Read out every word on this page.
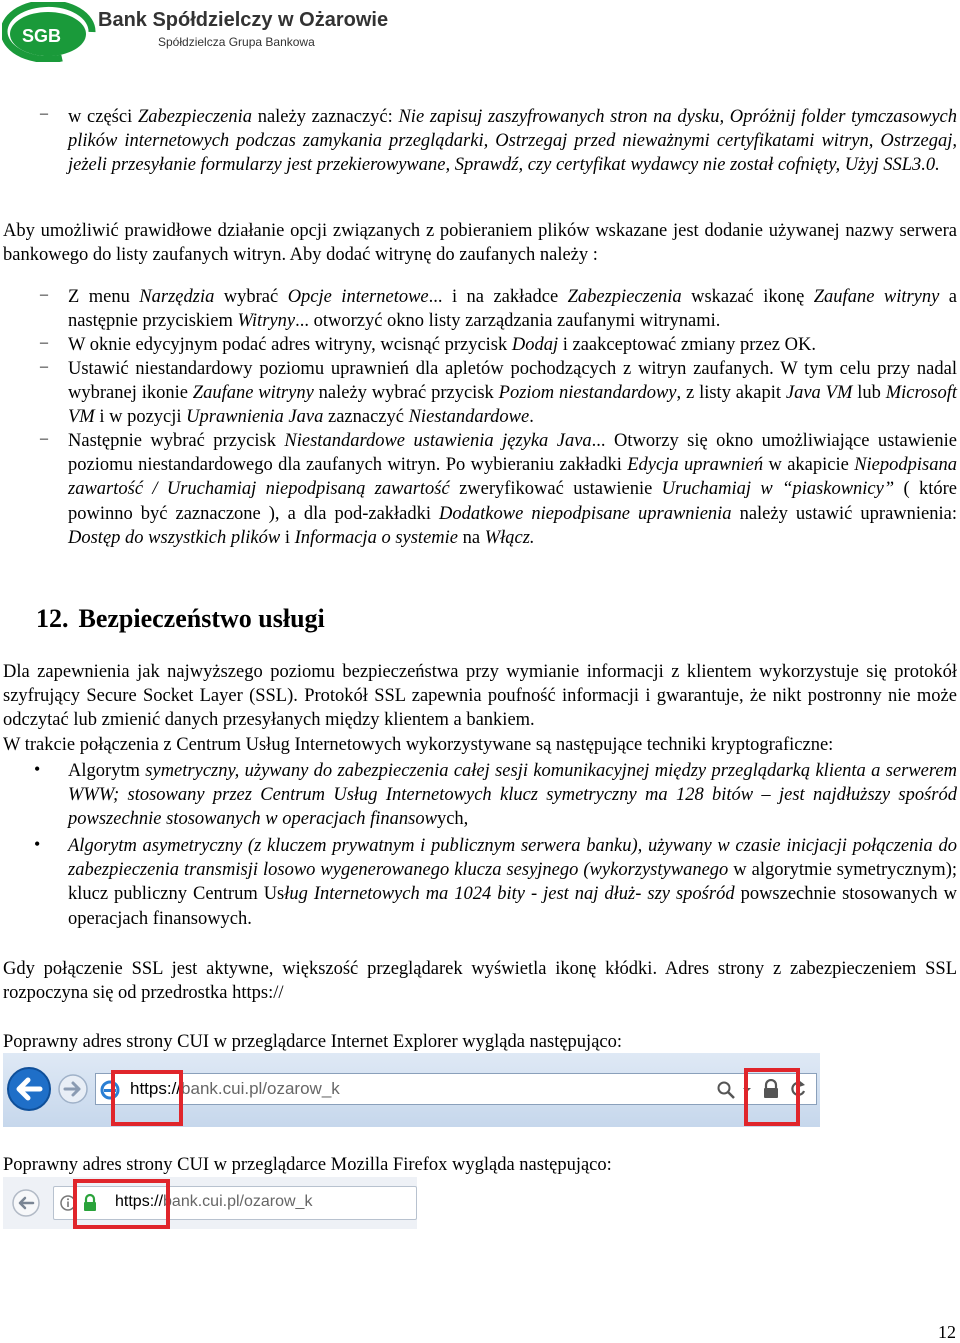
SGB
Bank Spółdzielczy w Ożarowie
Spółdzielcza Grupa Bankowa
– w części Zabezpieczenia należy zaznaczyć: Nie zapisuj zaszyfrowanych stron na dysku, Opróżnij folder tymczasowych plików internetowych podczas zamykania przeglądarki, Ostrzegaj przed nieważnymi certyfikatami witryn, Ostrzegaj, jeżeli przesyłanie formularzy jest przekierowywane, Sprawdź, czy certyfikat wydawcy nie został cofnięty, Użyj SSL3.0.
Aby umożliwić prawidłowe działanie opcji związanych z pobieraniem plików wskazane jest dodanie używanej nazwy serwera bankowego do listy zaufanych witryn. Aby dodać witrynę do zaufanych należy :
– Z menu Narzędzia wybrać Opcje internetowe... i na zakładce Zabezpieczenia wskazać ikonę Zaufane witryny a następnie przyciskiem Witryny... otworzyć okno listy zarządzania zaufanymi witrynami.
– W oknie edycyjnym podać adres witryny, wcisnąć przycisk Dodaj i zaakceptować zmiany przez OK.
– Ustawić niestandardowy poziomu uprawnień dla apletów pochodzących z witryn zaufanych. W tym celu przy nadal wybranej ikonie Zaufane witryny należy wybrać przycisk Poziom niestandardowy, z listy akapit Java VM lub Microsoft VM i w pozycji Uprawnienia Java zaznaczyć Niestandardowe.
– Następnie wybrać przycisk Niestandardowe ustawienia języka Java... Otworzy się okno umożliwiające ustawienie poziomu niestandardowego dla zaufanych witryn. Po wybieraniu zakładki Edycja uprawnień w akapicie Niepodpisana zawartość / Uruchamiaj niepodpisaną zawartość zweryfikować ustawienie Uruchamiaj w “piaskownicy” ( które powinno być zaznaczone ), a dla pod-zakładki Dodatkowe niepodpisane uprawnienia należy ustawić uprawnienia: Dostęp do wszystkich plików i Informacja o systemie na Włącz.
12. Bezpieczeństwo usługi
Dla zapewnienia jak najwyższego poziomu bezpieczeństwa przy wymianie informacji z klientem wykorzystuje się protokół szyfrujący Secure Socket Layer (SSL). Protokół SSL zapewnia poufność informacji i gwarantuje, że nikt postronny nie może odczytać lub zmienić danych przesyłanych między klientem a bankiem.
W trakcie połączenia z Centrum Usług Internetowych wykorzystywane są następujące techniki kryptograficzne:
• Algorytm symetryczny, używany do zabezpieczenia całej sesji komunikacyjnej między przeglądarką klienta a serwerem WWW; stosowany przez Centrum Usług Internetowych klucz symetryczny ma 128 bitów – jest najdłuższy spośród powszechnie stosowanych w operacjach finansowych,
• Algorytm asymetryczny (z kluczem prywatnym i publicznym serwera banku), używany w czasie inicjacji połączenia do zabezpieczenia transmisji losowo wygenerowanego klucza sesyjnego (wykorzystywanego w algorytmie symetrycznym); klucz publiczny Centrum Usług Internetowych ma 1024 bity - jest naj dłuż- szy spośród powszechnie stosowanych w operacjach finansowych.
Gdy połączenie SSL jest aktywne, większość przeglądarek wyświetla ikonę kłódki. Adres strony z zabezpieczeniem SSL rozpoczyna się od przedrostka https://
Poprawny adres strony CUI w przeglądarce Internet Explorer wygląda następująco:
https://bank.cui.pl/ozarow_k
Poprawny adres strony CUI w przeglądarce Mozilla Firefox wygląda następująco:
https://bank.cui.pl/ozarow_k
12
